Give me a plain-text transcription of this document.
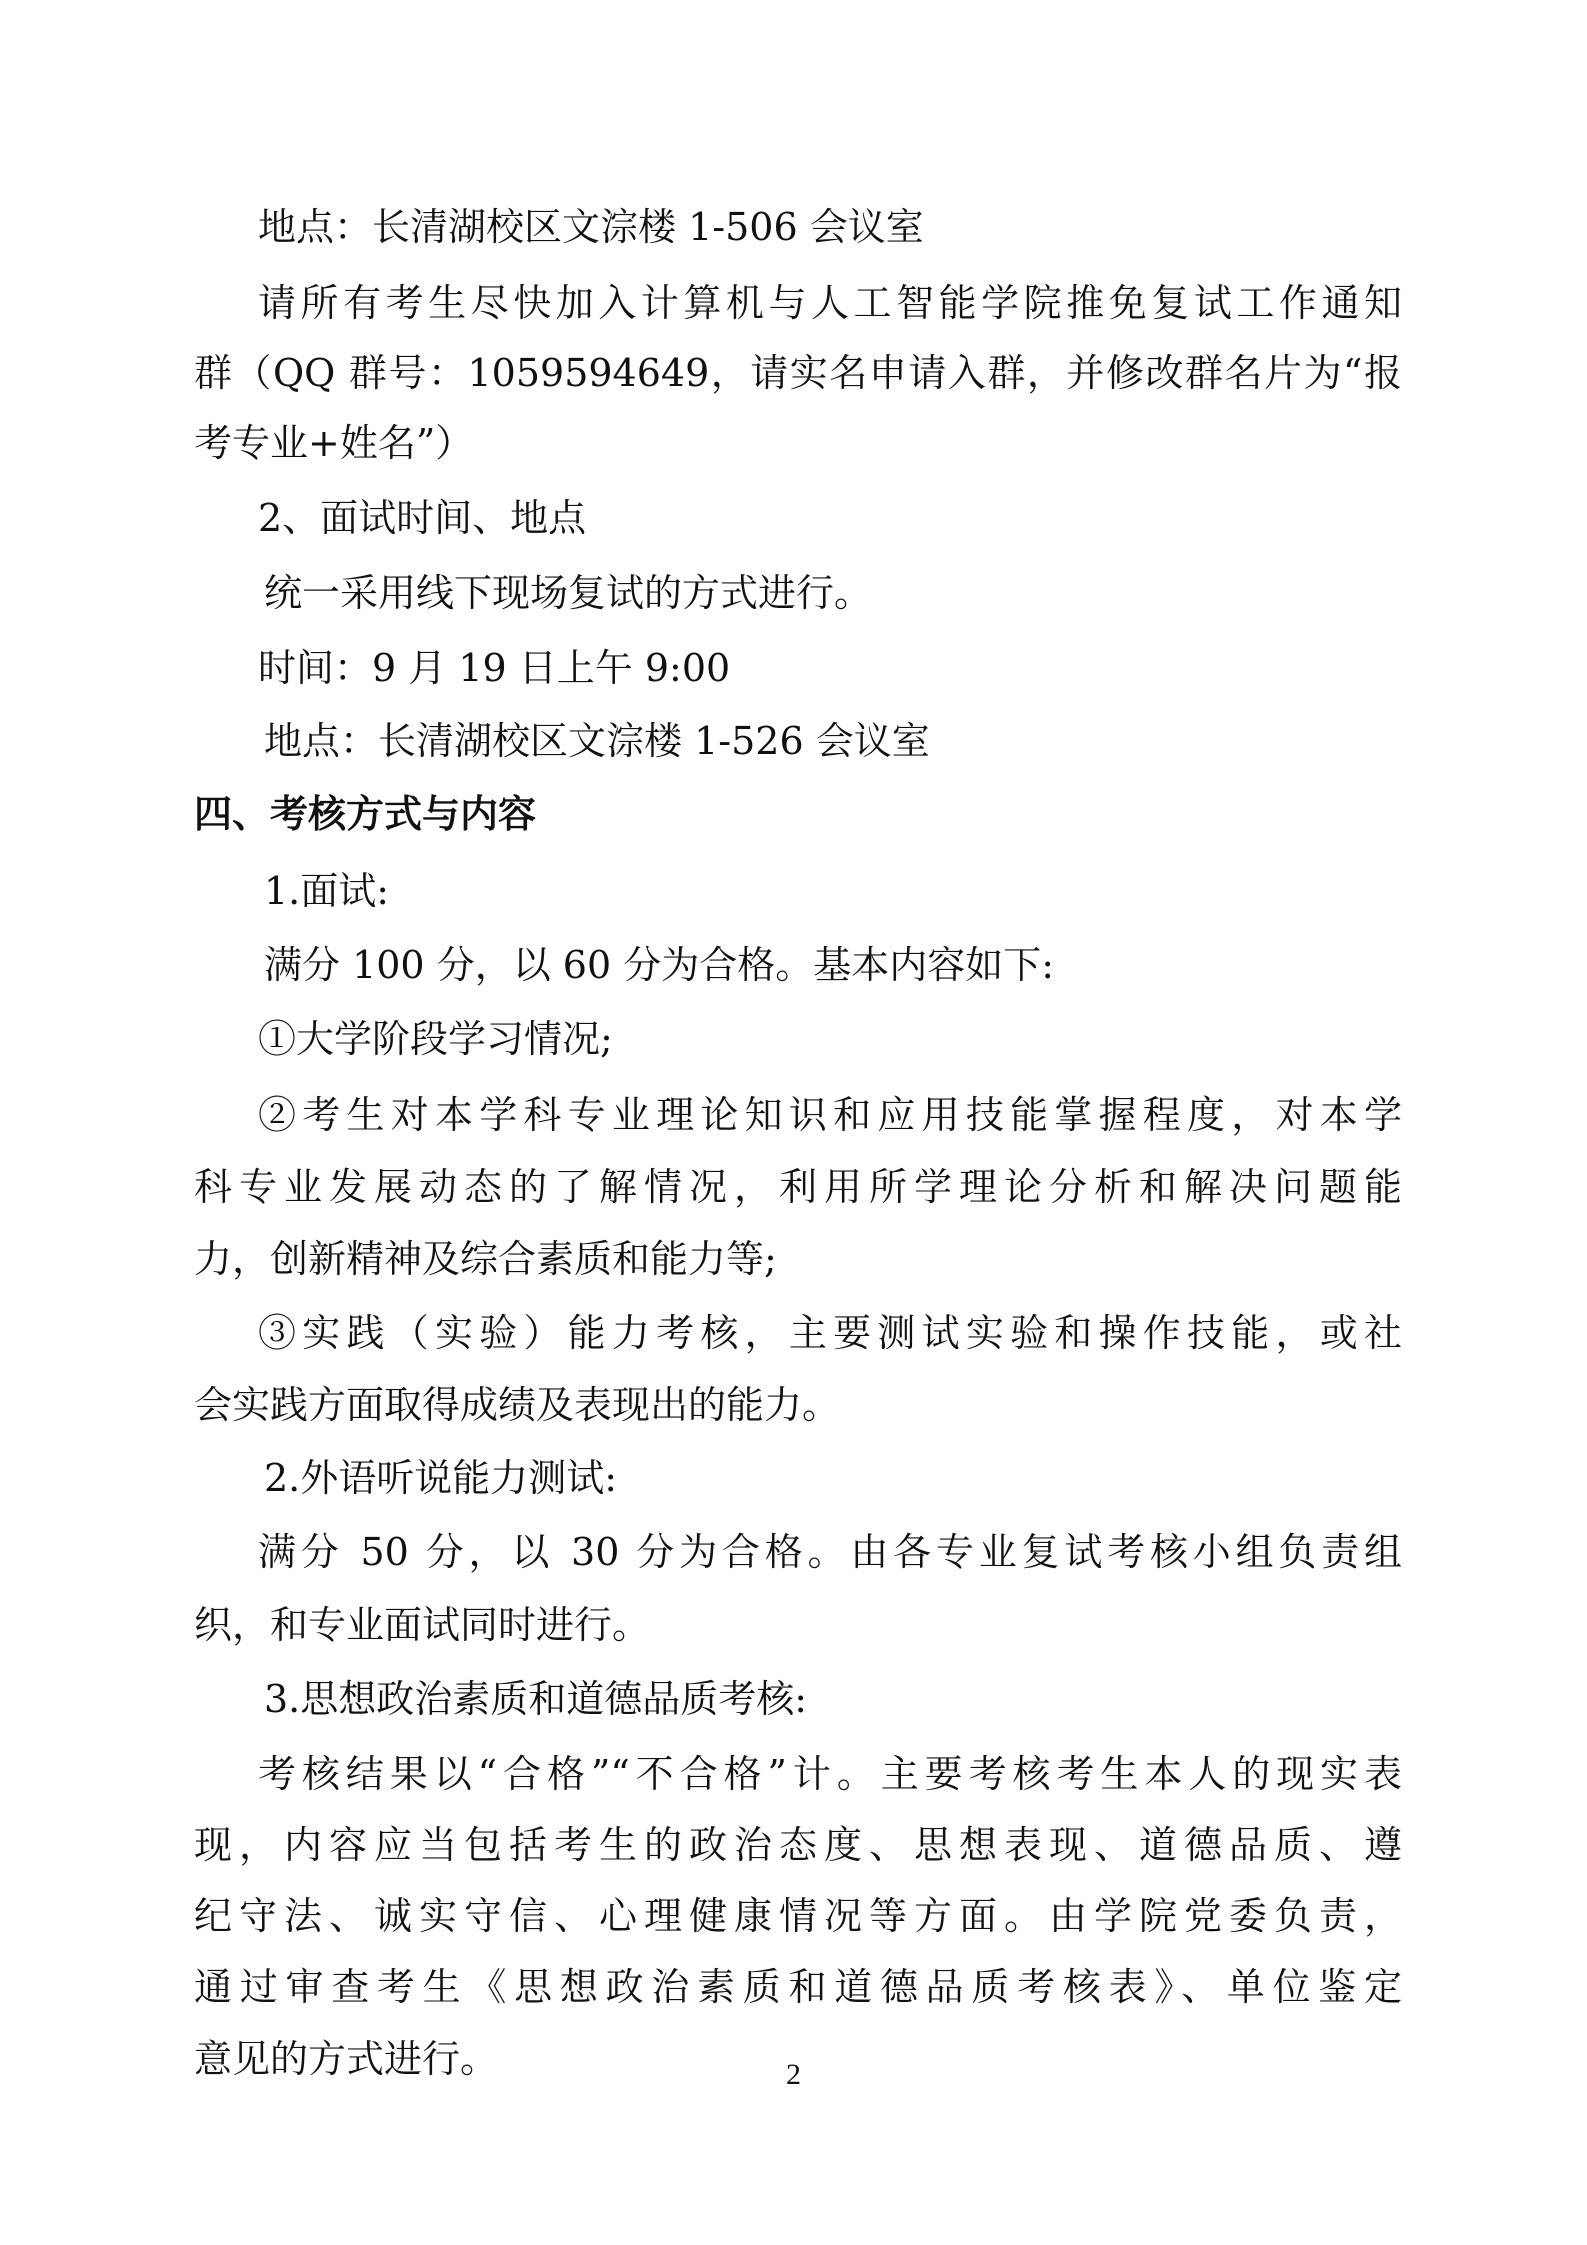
地点：长清湖校区文淙楼 1-506 会议室
请所有考生尽快加入计算机与人工智能学院推免复试工作通知
群（QQ 群号：1059594649，请实名申请入群，并修改群名片为“报
考专业+姓名”）
2、面试时间、地点
统一采用线下现场复试的方式进行。
时间：9 月 19 日上午 9:00
地点：长清湖校区文淙楼 1-526 会议室
四、考核方式与内容
1.面试:
满分 100 分，以 60 分为合格。基本内容如下:
①大学阶段学习情况;
②考生对本学科专业理论知识和应用技能掌握程度，对本学
科专业发展动态的了解情况，利用所学理论分析和解决问题能
力，创新精神及综合素质和能力等;
③实践（实验）能力考核，主要测试实验和操作技能，或社
会实践方面取得成绩及表现出的能力。
2.外语听说能力测试:
满分 50 分，以 30 分为合格。由各专业复试考核小组负责组
织，和专业面试同时进行。
3.思想政治素质和道德品质考核:
考核结果以“合格”“不合格”计。主要考核考生本人的现实表
现，内容应当包括考生的政治态度、思想表现、道德品质、遵
纪守法、诚实守信、心理健康情况等方面。由学院党委负责，
通过审查考生《思想政治素质和道德品质考核表》、单位鉴定
意见的方式进行。	2
